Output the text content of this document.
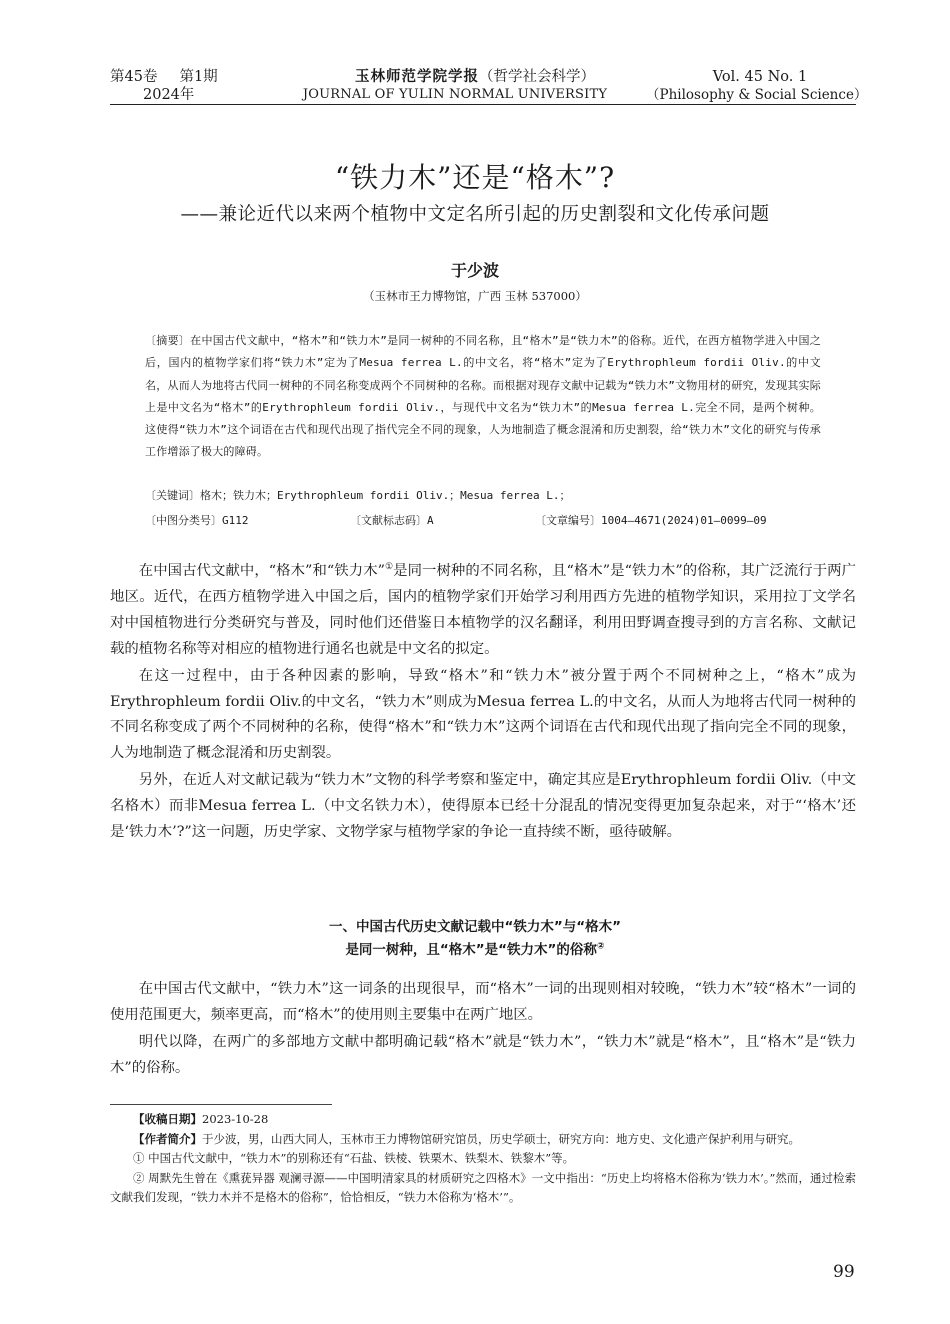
第45卷 第1期
2024年
玉林师范学院学报（哲学社会科学）
JOURNAL OF YULIN NORMAL UNIVERSITY
Vol. 45 No. 1
（Philosophy & Social Science）
“铁力木”还是“格木”?
——兼论近代以来两个植物中文定名所引起的历史割裂和文化传承问题
于少波
（玉林市王力博物馆，广西 玉林 537000）
〔摘要〕在中国古代文献中，“格木”和“铁力木”是同一树种的不同名称，且“格木”是“铁力木”的俗称。近代，在西方植物学进入中国之后，国内的植物学家们将“铁力木”定为了Mesua ferrea L.的中文名，将“格木”定为了Erythrophleum fordii Oliv.的中文名，从而人为地将古代同一树种的不同名称变成两个不同树种的名称。而根据对现存文献中记载为“铁力木”文物用材的研究，发现其实际上是中文名为“格木”的Erythrophleum fordii Oliv.，与现代中文名为“铁力木”的Mesua ferrea L.完全不同，是两个树种。这使得“铁力木”这个词语在古代和现代出现了指代完全不同的现象，人为地制造了概念混淆和历史割裂，给“铁力木”文化的研究与传承工作增添了极大的障碍。
〔关键词〕格木；铁力木；Erythrophleum fordii Oliv.；Mesua ferrea L.；
〔中图分类号〕G112	〔文献标志码〕A	〔文章编号〕1004—4671(2024)01—0099—09

在中国古代文献中，“格木”和“铁力木”①是同一树种的不同名称，且“格木”是“铁力木”的俗称，其广泛流行于两广地区。近代，在西方植物学进入中国之后，国内的植物学家们开始学习利用西方先进的植物学知识，采用拉丁文学名对中国植物进行分类研究与普及，同时他们还借鉴日本植物学的汉名翻译，利用田野调查搜寻到的方言名称、文献记载的植物名称等对相应的植物进行通名也就是中文名的拟定。

在这一过程中，由于各种因素的影响，导致“格木”和“铁力木”被分置于两个不同树种之上，“格木”成为Erythrophleum fordii Oliv.的中文名，“铁力木”则成为Mesua ferrea L.的中文名，从而人为地将古代同一树种的不同名称变成了两个不同树种的名称，使得“格木”和“铁力木”这两个词语在古代和现代出现了指向完全不同的现象，人为地制造了概念混淆和历史割裂。

另外，在近人对文献记载为“铁力木”文物的科学考察和鉴定中，确定其应是Erythrophleum fordii Oliv.（中文名格木）而非Mesua ferrea L.（中文名铁力木），使得原本已经十分混乱的情况变得更加复杂起来，对于“‘格木’还是‘铁力木’?”这一问题，历史学家、文物学家与植物学家的争论一直持续不断，亟待破解。

一、中国古代历史文献记载中“铁力木”与“格木”
是同一树种，且“格木”是“铁力木”的俗称②

在中国古代文献中，“铁力木”这一词条的出现很早，而“格木”一词的出现则相对较晚，“铁力木”较“格木”一词的使用范围更大，频率更高，而“格木”的使用则主要集中在两广地区。

明代以降，在两广的多部地方文献中都明确记载“格木”就是“铁力木”，“铁力木”就是“格木”，且“格木”是“铁力木”的俗称。

【收稿日期】2023-10-28

【作者简介】于少波，男，山西大同人，玉林市王力博物馆研究馆员，历史学硕士，研究方向：地方史、文化遗产保护利用与研究。

① 中国古代文献中，“铁力木”的别称还有“石盐、铁棱、铁栗木、铁梨木、铁黎木”等。

② 周默先生曾在《熏莸异器 观澜寻源——中国明清家具的材质研究之四格木》一文中指出：“历史上均将格木俗称为‘铁力木’。”然而，通过检索文献我们发现，“铁力木并不是格木的俗称”，恰恰相反，“铁力木俗称为‘格木’”。

99
